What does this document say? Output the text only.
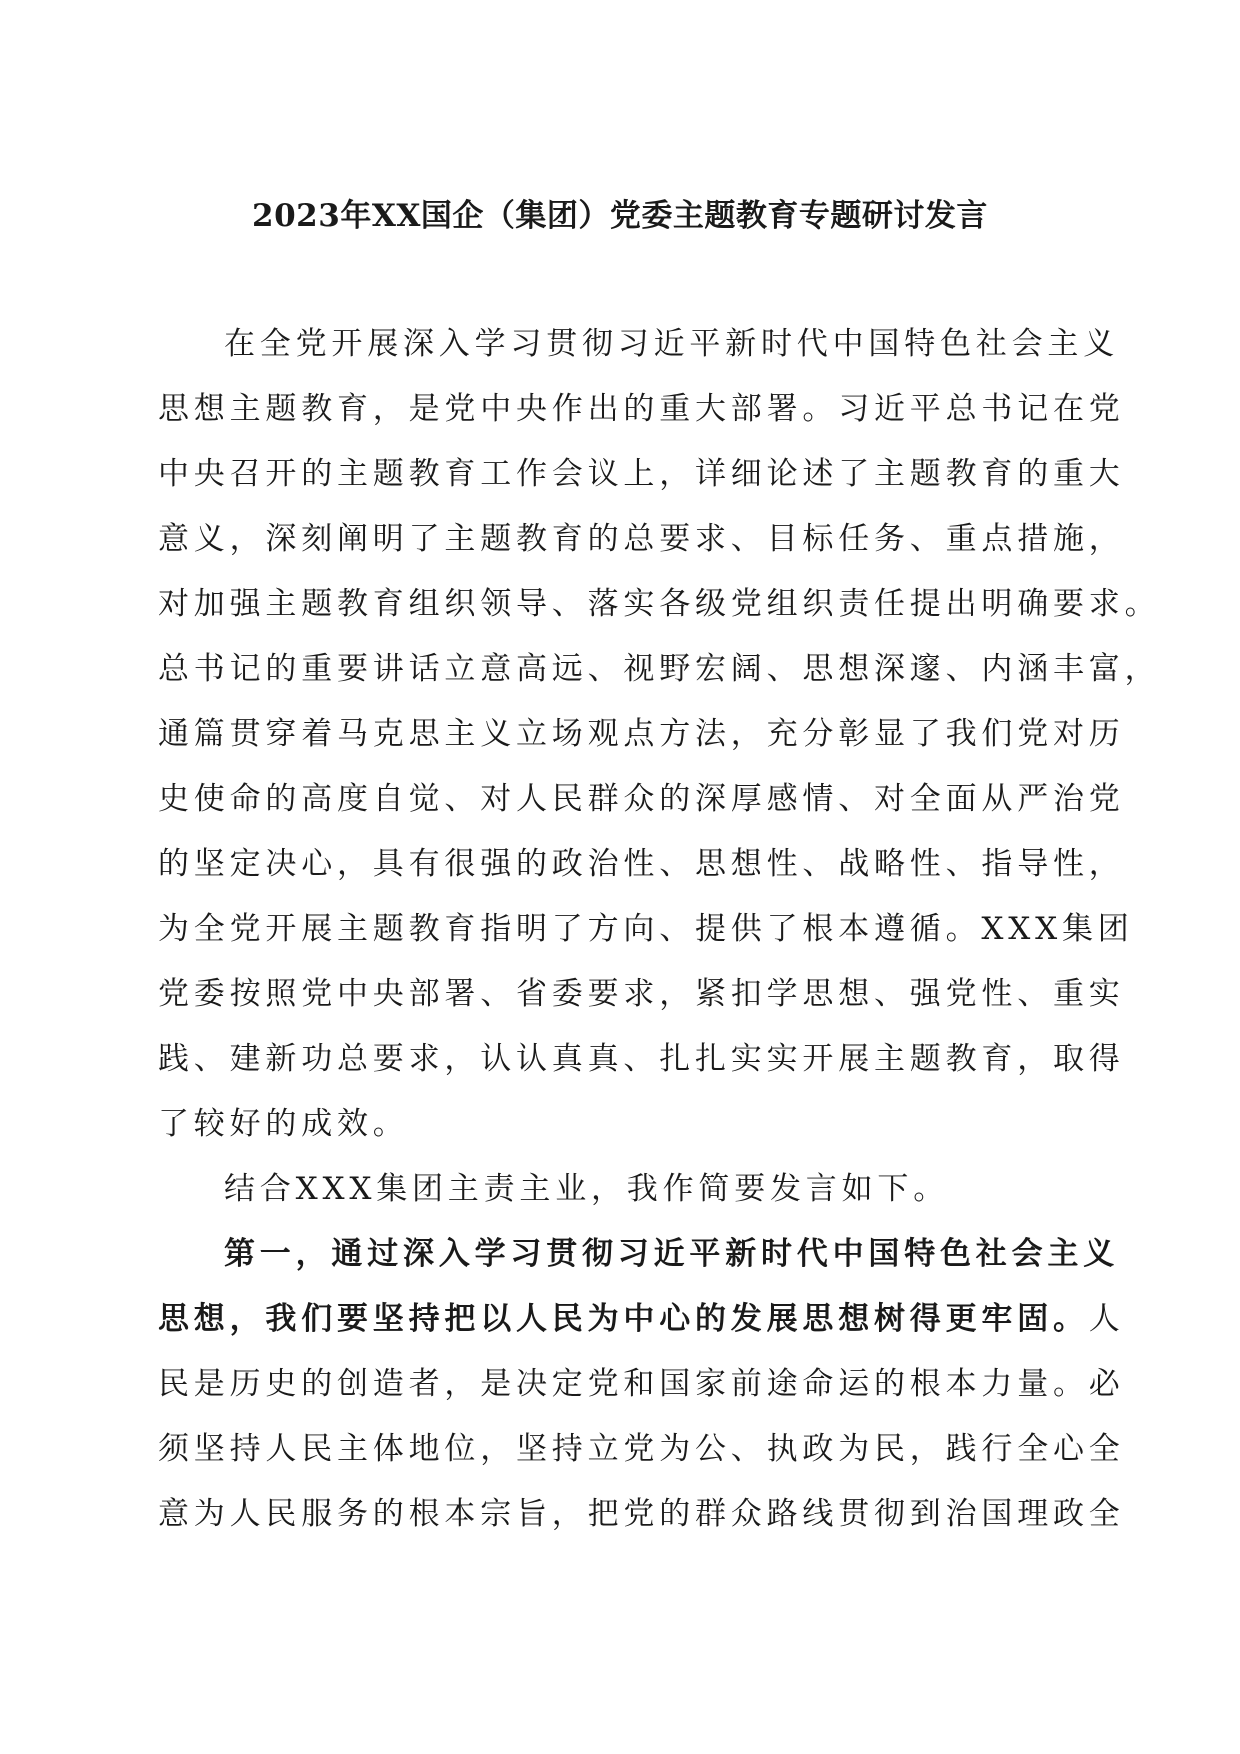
2023年XX国企（集团）党委主题教育专题研讨发言
在全党开展深入学习贯彻习近平新时代中国特色社会主义
思想主题教育，是党中央作出的重大部署。习近平总书记在党
中央召开的主题教育工作会议上，详细论述了主题教育的重大
意义，深刻阐明了主题教育的总要求、目标任务、重点措施，
对加强主题教育组织领导、落实各级党组织责任提出明确要求。
总书记的重要讲话立意高远、视野宏阔、思想深邃、内涵丰富，
通篇贯穿着马克思主义立场观点方法，充分彰显了我们党对历
史使命的高度自觉、对人民群众的深厚感情、对全面从严治党
的坚定决心，具有很强的政治性、思想性、战略性、指导性，
为全党开展主题教育指明了方向、提供了根本遵循。XXX集团
党委按照党中央部署、省委要求，紧扣学思想、强党性、重实
践、建新功总要求，认认真真、扎扎实实开展主题教育，取得
了较好的成效。
结合XXX集团主责主业，我作简要发言如下。
第一，通过深入学习贯彻习近平新时代中国特色社会主义
思想，我们要坚持把以人民为中心的发展思想树得更牢固。人
民是历史的创造者，是决定党和国家前途命运的根本力量。必
须坚持人民主体地位，坚持立党为公、执政为民，践行全心全
意为人民服务的根本宗旨，把党的群众路线贯彻到治国理政全
